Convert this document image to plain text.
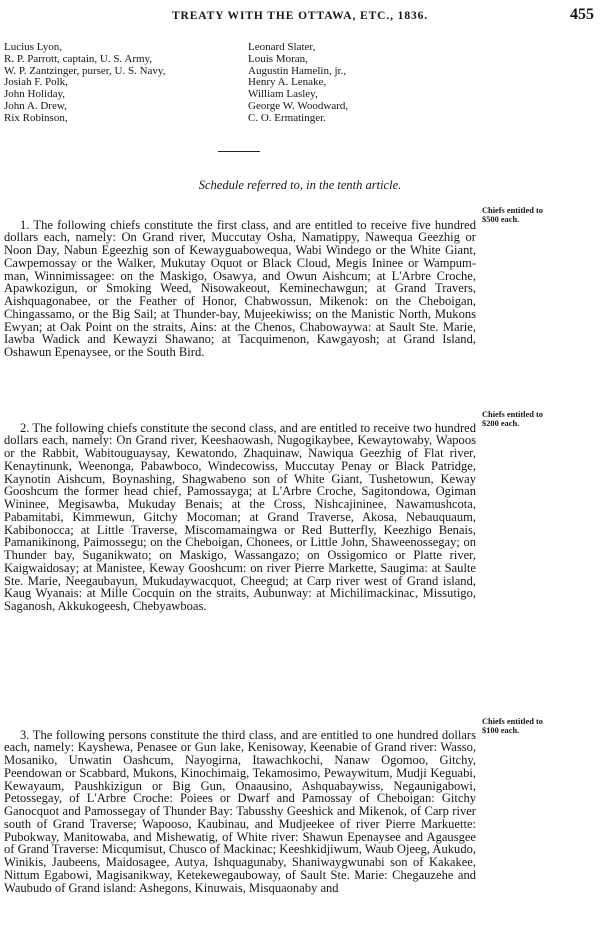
TREATY WITH THE OTTAWA, ETC., 1836.	455
Lucius Lyon,
R. P. Parrott, captain, U. S. Army,
W. P. Zantzinger, purser, U. S. Navy,
Josiah F. Polk,
John Holiday,
John A. Drew,
Rix Robinson,
Leonard Slater,
Louis Moran,
Augustin Hamelin, jr.,
Henry A. Lenake,
William Lasley,
George W. Woodward,
C. O. Ermatinger.
Schedule referred to, in the tenth article.

1. The following chiefs constitute the first class, and are entitled to receive five hundred dollars each, namely: On Grand river, Muccutay Osha, Namatippy, Nawequa Geezhig or Noon Day, Nabun Egeezhig son of Kewayguabowequa, Wabi Windego or the White Giant, Cawpemossay or the Walker, Mukutay Oquot or Black Cloud, Megis Ininee or Wampum-man, Winnimissagee: on the Maskigo, Osawya, and Owun Aishcum; at L'Arbre Croche, Apawkozigun, or Smoking Weed, Nisowakeout, Keminechawgun; at Grand Travers, Aishquagonabee, or the Feather of Honor, Chabwossun, Mikenok: on the Cheboigan, Chingassamo, or the Big Sail; at Thunder-bay, Mujeekiwiss; on the Manistic North, Mukons Ewyan; at Oak Point on the straits, Ains: at the Chenos, Chabowaywa: at Sault Ste. Marie, Iawba Wadick and Kewayzi Shawano; at Tacquimenon, Kawgayosh; at Grand Island, Oshawun Epenaysee, or the South Bird.

Chiefs entitled to
$500 each.

2. The following chiefs constitute the second class, and are entitled to receive two hundred dollars each, namely: On Grand river, Keeshaowash, Nugogikaybee, Kewaytowaby, Wapoos or the Rabbit, Wabitouguaysay, Kewatondo, Zhaquinaw, Nawiqua Geezhig of Flat river, Kenaytinunk, Weenonga, Pabawboco, Windecowiss, Muccutay Penay or Black Patridge, Kaynotin Aishcum, Boynashing, Shagwabeno son of White Giant, Tushetowun, Keway Gooshcum the former head chief, Pamossayga; at L'Arbre Croche, Sagitondowa, Ogiman Wininee, Megisawba, Mukuday Benais; at the Cross, Nishcajininee, Nawamushcota, Pabamitabi, Kimmewun, Gitchy Mocoman; at Grand Traverse, Akosa, Nebauquaum, Kabibonocca; at Little Traverse, Miscomamaingwa or Red Butterfly, Keezhigo Benais, Pamanikinong, Paimossegu; on the Cheboigan, Chonees, or Little John, Shaweenossegay; on Thunder bay, Suganikwato; on Maskigo, Wassangazo; on Ossigomico or Platte river, Kaigwaidosay; at Manistee, Keway Gooshcum: on river Pierre Markette, Saugima: at Saulte Ste. Marie, Neegaubayun, Mukudaywacquot, Cheegud; at Carp river west of Grand island, Kaug Wyanais: at Mille Cocquin on the straits, Aubunway: at Michilimackinac, Missutigo, Saganosh, Akkukogeesh, Chebyawboas.

Chiefs entitled to
$200 each.

3. The following persons constitute the third class, and are entitled to one hundred dollars each, namely: Kayshewa, Penasee or Gun lake, Kenisoway, Keenabie of Grand river: Wasso, Mosaniko, Unwatin Oashcum, Nayogirna, Itawachkochi, Nanaw Ogomoo, Gitchy, Peendowan or Scabbard, Mukons, Kinochimaig, Tekamosimo, Pewaywitum, Mudji Keguabi, Kewayaum, Paushkizigun or Big Gun, Onaausino, Ashquabaywiss, Negaunigabowi, Petossegay, of L'Arbre Croche: Poiees or Dwarf and Pamossay of Cheboigan: Gitchy Ganocquot and Pamossegay of Thunder Bay: Tabusshy Geeshick and Mikenok, of Carp river south of Grand Traverse; Wapooso, Kaubinau, and Mudjeekee of river Pierre Markuette: Pubokway, Manitowaba, and Mishewatig, of White river: Shawun Epenaysee and Agausgee of Grand Traverse: Micqumisut, Chusco of Mackinac; Keeshkidjiwum, Waub Ojeeg, Aukudo, Winikis, Jaubeens, Maidosagee, Autya, Ishquagunaby, Shaniwaygwunabi son of Kakakee, Nittum Egabowi, Magisanikway, Ketekewegauboway, of Sault Ste. Marie: Chegauzehe and Waubudo of Grand island: Ashegons, Kinuwais, Misquaonaby and

Chiefs entitled to
$100 each.
